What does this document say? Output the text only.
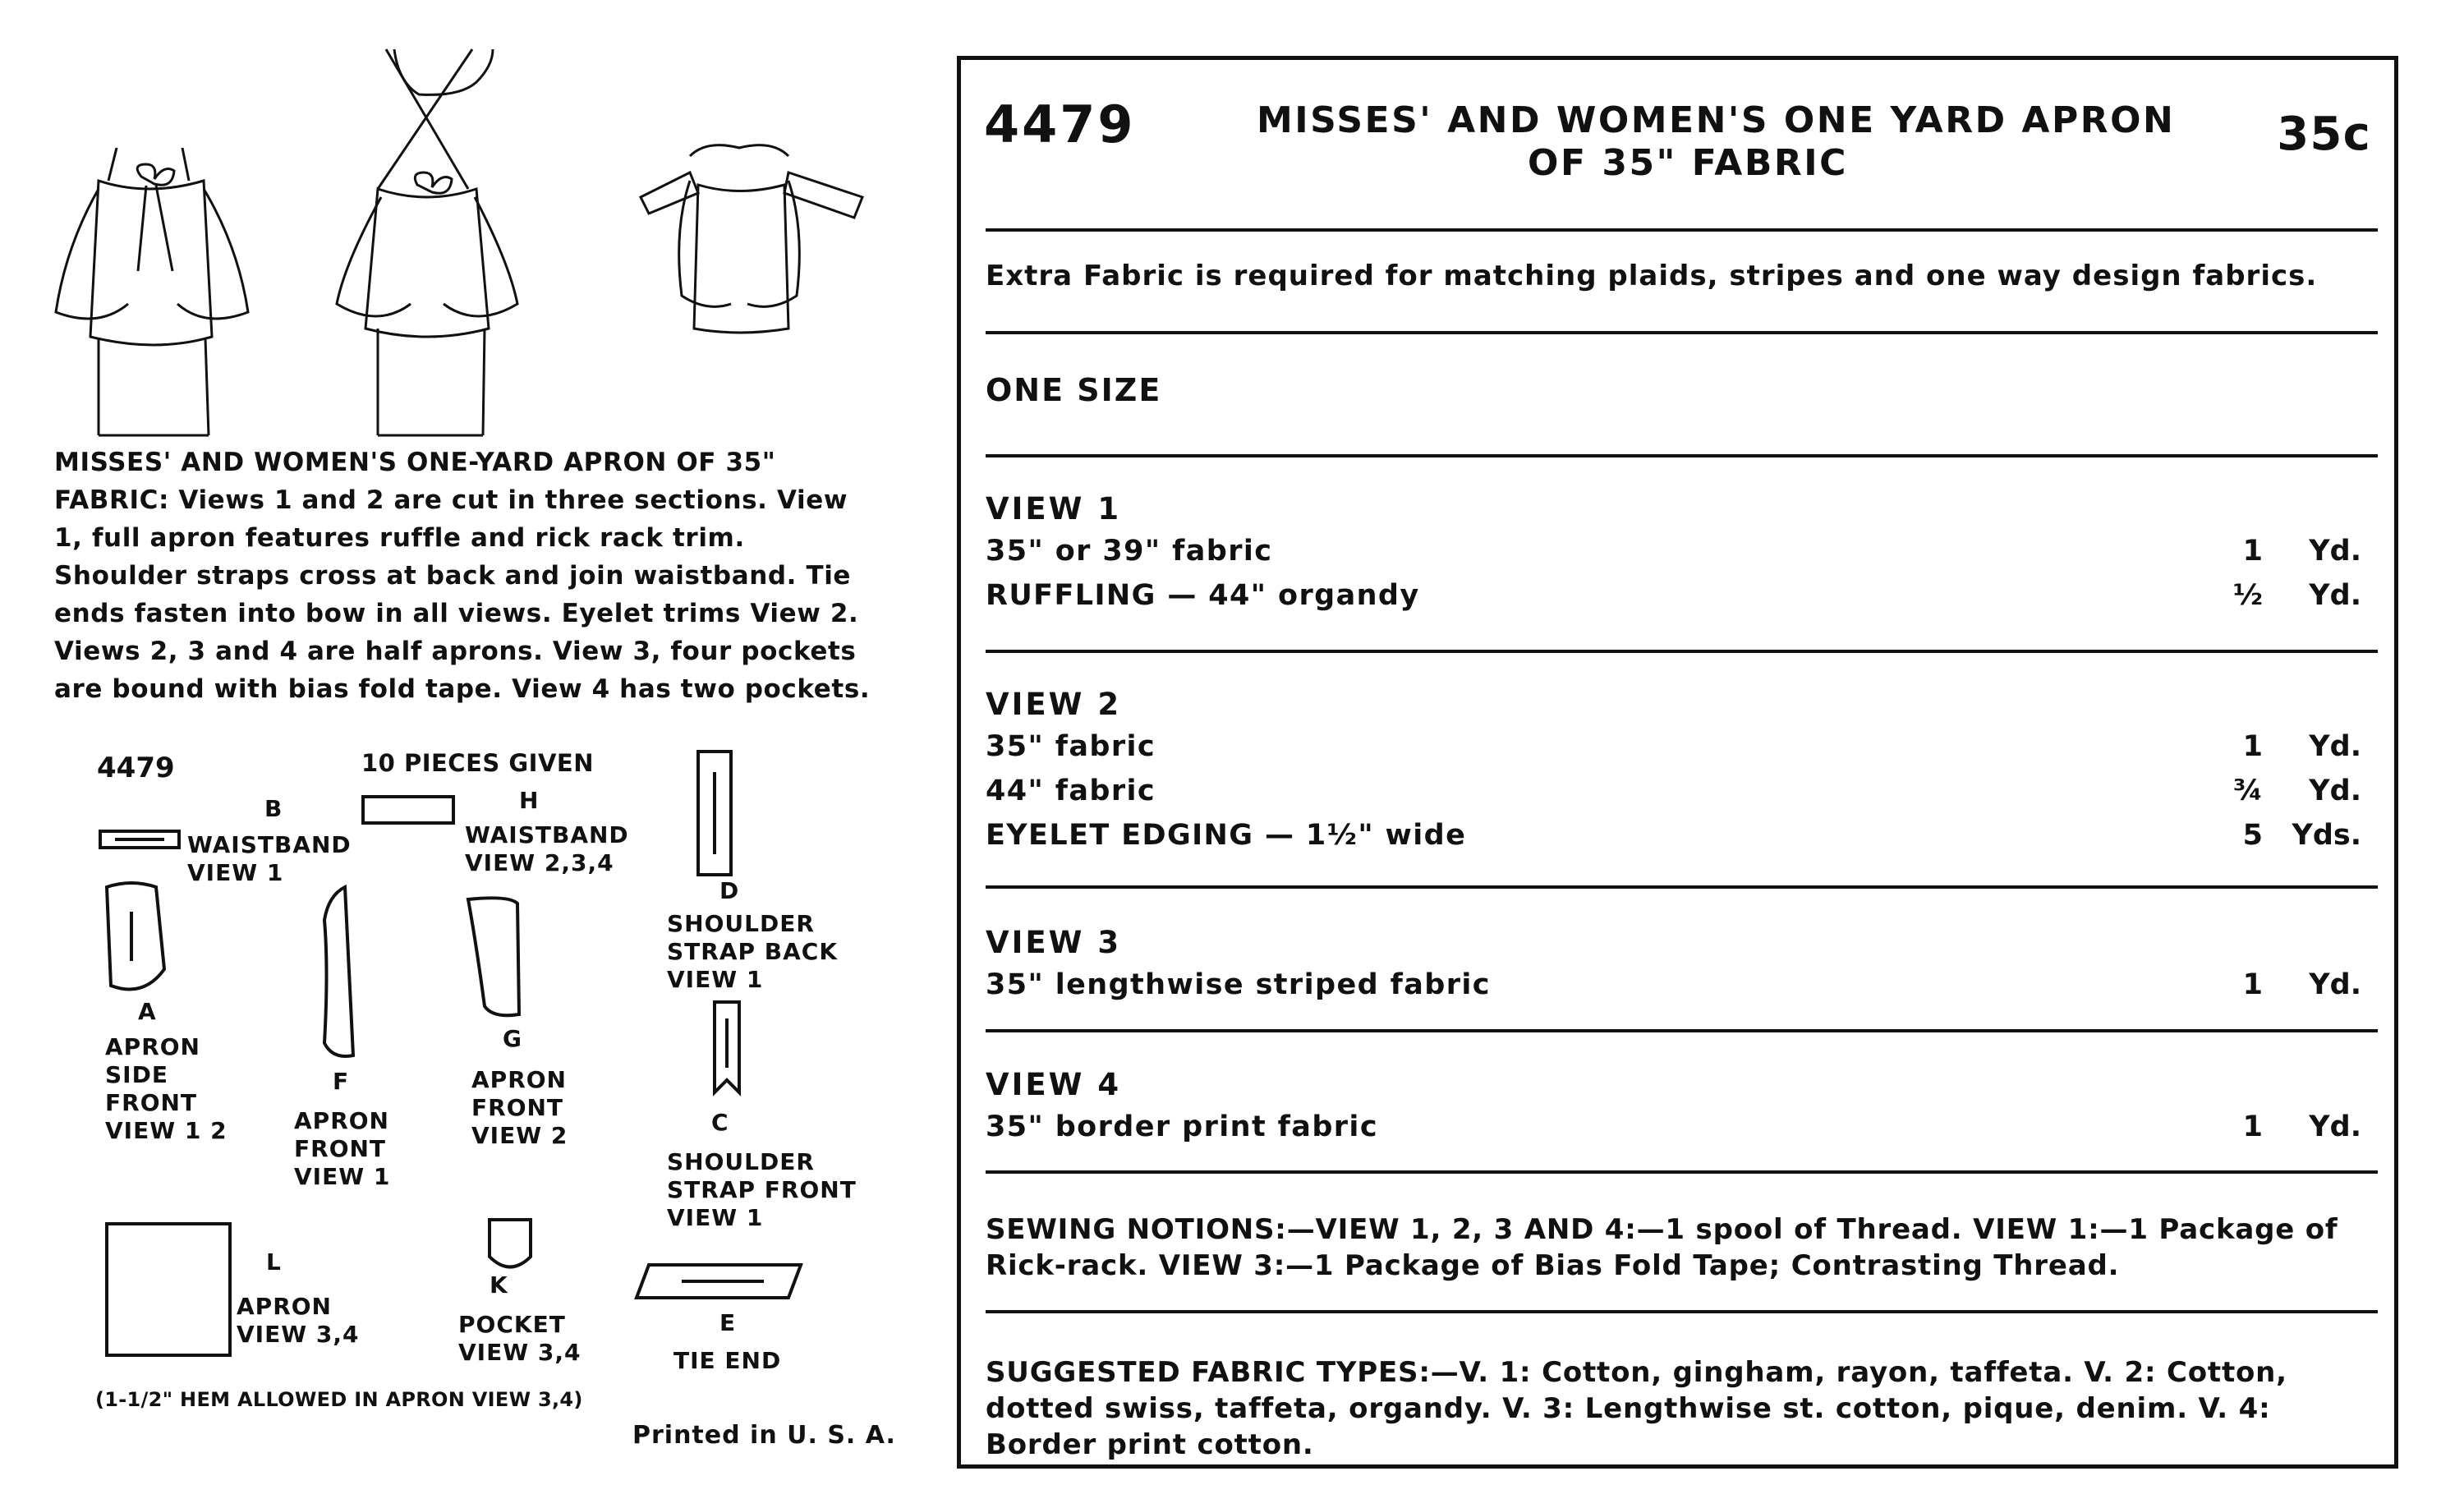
MISSES' AND WOMEN'S ONE-YARD APRON OF 35" FABRIC: Views 1 and 2 are cut in three sections. View 1, full apron features ruffle and rick rack trim. Shoulder straps cross at back and join waistband. Tie ends fasten into bow in all views. Eyelet trims View 2. Views 2, 3 and 4 are half aprons. View 3, four pockets are bound with bias fold tape. View 4 has two pockets.
4479	10 PIECES GIVEN
B	H
D
A
F
G
C
L
K
E
WAISTBAND VIEW 1
WAISTBAND VIEW 2,3,4
SHOULDER STRAP BACK VIEW 1
APRON SIDE FRONT VIEW 1 2	APRON FRONT VIEW 1
APRON FRONT VIEW 2
SHOULDER STRAP FRONT VIEW 1
APRON VIEW 3,4	POCKET VIEW 3,4	TIE END
(1-1/2" HEM ALLOWED IN APRON VIEW 3,4)
Printed in U. S. A.
4479	MISSES' AND WOMEN'S ONE YARD APRON
OF 35" FABRIC
35c
Extra Fabric is required for matching plaids, stripes and one way design fabrics.
ONE SIZE
VIEW 1
35" or 39" fabric	1	Yd.
RUFFLING — 44" organdy	½	Yd.
VIEW 2
35" fabric	1	Yd.
44" fabric	¾	Yd.
EYELET EDGING — 1½" wide	5 Yds.
VIEW 3
35" lengthwise striped fabric	1	Yd.
VIEW 4
35" border print fabric	1	Yd.
SEWING NOTIONS:—VIEW 1, 2, 3 AND 4:—1 spool of Thread. VIEW 1:—1 Package of Rick-rack. VIEW 3:—1 Package of Bias Fold Tape; Contrasting Thread.
SUGGESTED FABRIC TYPES:—V. 1: Cotton, gingham, rayon, taffeta. V. 2: Cotton, dotted swiss, taffeta, organdy. V. 3: Lengthwise st. cotton, pique, denim. V. 4: Border print cotton.
